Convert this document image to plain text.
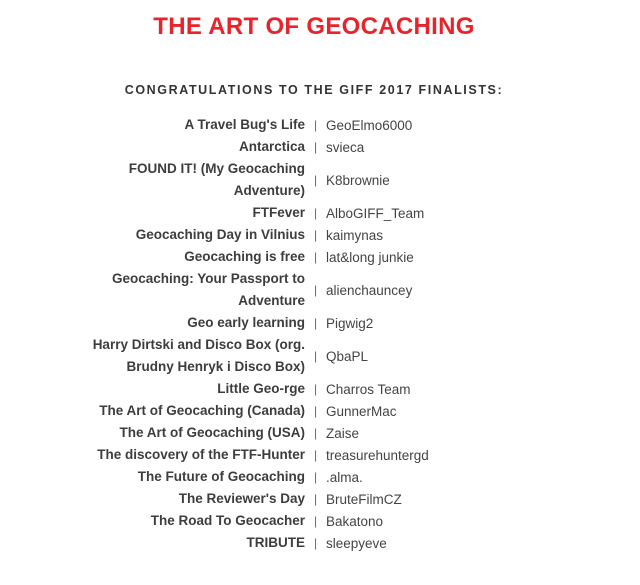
THE ART OF GEOCACHING
CONGRATULATIONS TO THE GIFF 2017 FINALISTS:
A Travel Bug's Life | GeoElmo6000
Antarctica | svieca
FOUND IT! (My Geocaching
Adventure)
| K8brownie
FTFever | AlboGIFF_Team
Geocaching Day in Vilnius | kaimynas
Geocaching is free | lat&long junkie
Geocaching: Your Passport to
Adventure
| alienchauncey
Geo early learning | Pigwig2
Harry Dirtski and Disco Box (org.
Brudny Henryk i Disco Box)
| QbaPL
Little Geo-rge | Charros Team
The Art of Geocaching (Canada) | GunnerMac
The Art of Geocaching (USA) | Zaise
The discovery of the FTF-Hunter | treasurehuntergd
The Future of Geocaching | .alma.
The Reviewer's Day | BruteFilmCZ
The Road To Geocacher | Bakatono
TRIBUTE | sleepyeve
